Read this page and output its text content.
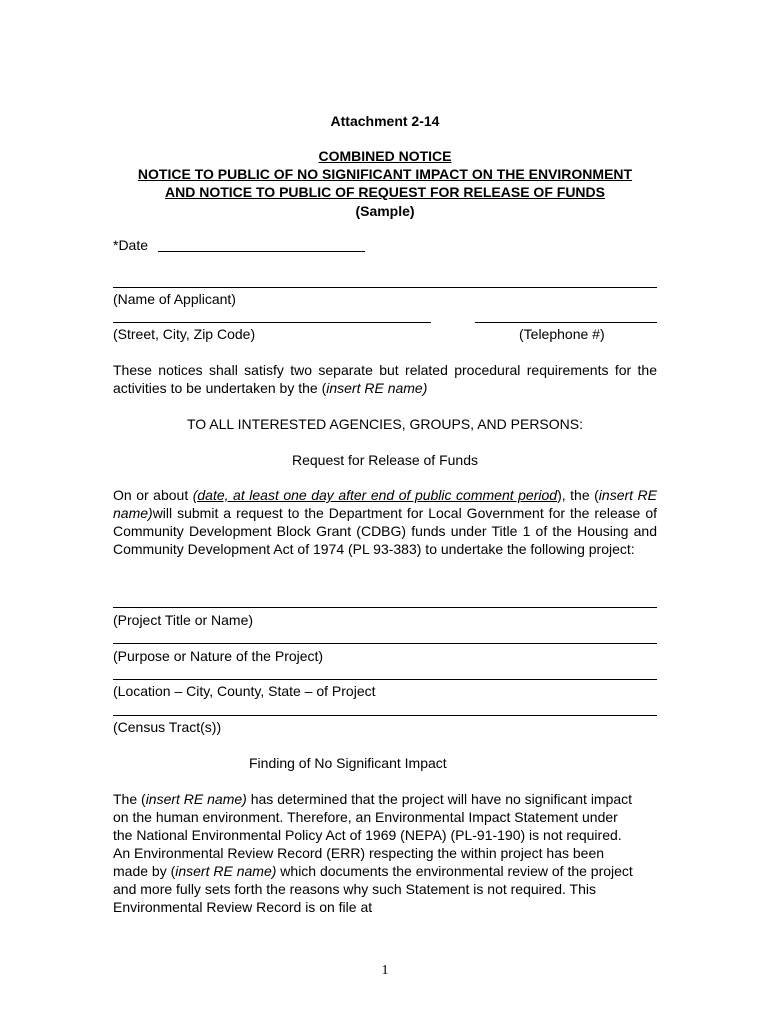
Attachment 2-14
COMBINED NOTICE
NOTICE TO PUBLIC OF NO SIGNIFICANT IMPACT ON THE ENVIRONMENT
AND NOTICE TO PUBLIC OF REQUEST FOR RELEASE OF FUNDS
(Sample)
*Date
(Name of Applicant)
(Street, City, Zip Code)	(Telephone #)
These notices shall satisfy two separate but related procedural requirements for the activities to be undertaken by the (insert RE name)
TO ALL INTERESTED AGENCIES, GROUPS, AND PERSONS:
Request for Release of Funds
On or about (date, at least one day after end of public comment period), the (insert RE name)will submit a request to the Department for Local Government for the release of Community Development Block Grant (CDBG) funds under Title 1 of the Housing and Community Development Act of 1974 (PL 93-383) to undertake the following project:
(Project Title or Name)
(Purpose or Nature of the Project)
(Location – City, County, State – of Project
(Census Tract(s))
Finding of No Significant Impact
The (insert RE name) has determined that the project will have no significant impact on the human environment. Therefore, an Environmental Impact Statement under the National Environmental Policy Act of 1969 (NEPA) (PL-91-190) is not required. An Environmental Review Record (ERR) respecting the within project has been made by (insert RE name) which documents the environmental review of the project and more fully sets forth the reasons why such Statement is not required. This Environmental Review Record is on file at
1
